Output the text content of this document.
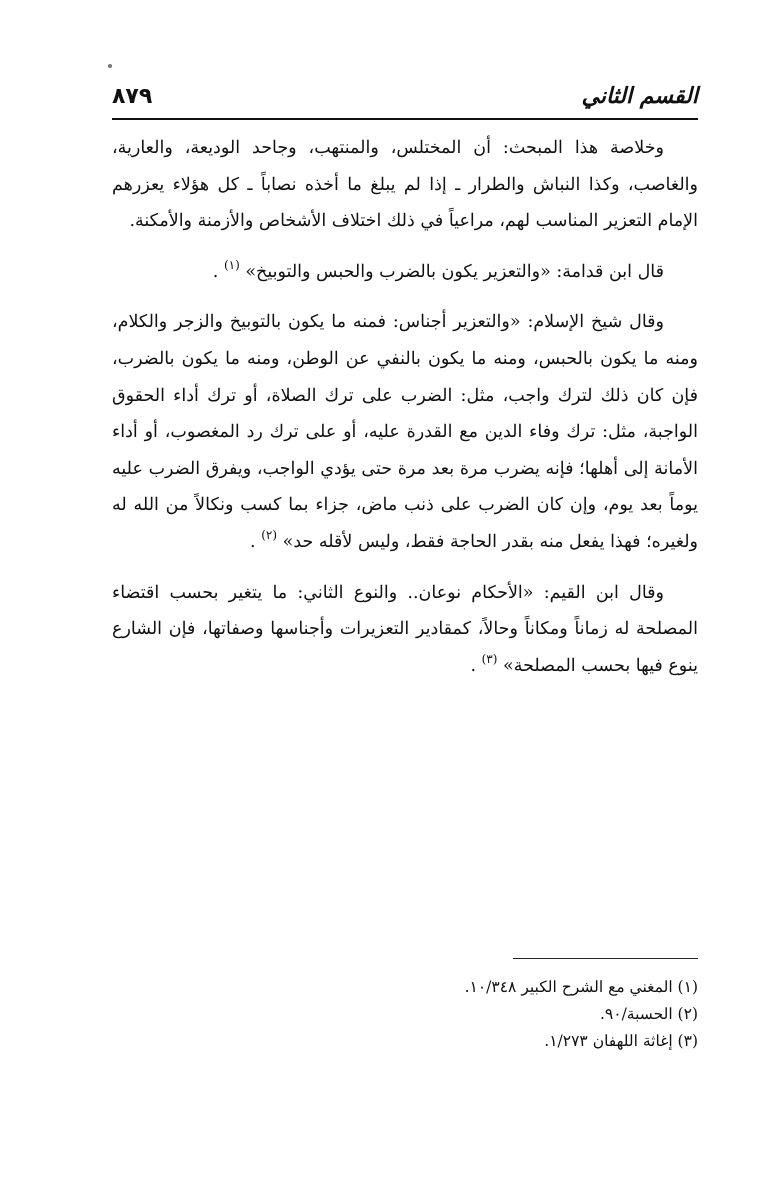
القسم الثاني
٨٧٩

وخلاصة هذا المبحث: أن المختلس، والمنتهب، وجاحد الوديعة، والعارية، والغاصب، وكذا النباش والطرار ـ إذا لم يبلغ ما أخذه نصاباً ـ كل هؤلاء يعزرهم الإمام التعزير المناسب لهم، مراعياً في ذلك اختلاف الأشخاص والأزمنة والأمكنة.

قال ابن قدامة: «والتعزير يكون بالضرب والحبس والتوبيخ» $^{(١)}$ .

وقال شيخ الإسلام: «والتعزير أجناس: فمنه ما يكون بالتوبيخ والزجر والكلام، ومنه ما يكون بالحبس، ومنه ما يكون بالنفي عن الوطن، ومنه ما يكون بالضرب، فإن كان ذلك لترك واجب، مثل: الضرب على ترك الصلاة، أو ترك أداء الحقوق الواجبة، مثل: ترك وفاء الدين مع القدرة عليه، أو على ترك رد المغصوب، أو أداء الأمانة إلى أهلها؛ فإنه يضرب مرة بعد مرة حتى يؤدي الواجب، ويفرق الضرب عليه يوماً بعد يوم، وإن كان الضرب على ذنب ماض، جزاء بما كسب ونكالاً من الله له ولغيره؛ فهذا يفعل منه بقدر الحاجة فقط، وليس لأقله حد» $^{(٢)}$ .

وقال ابن القيم: «الأحكام نوعان.. والنوع الثاني: ما يتغير بحسب اقتضاء المصلحة له زماناً ومكاناً وحالاً، كمقادير التعزيرات وأجناسها وصفاتها، فإن الشارع ينوع فيها بحسب المصلحة» $^{(٣)}$ .

(١) المغني مع الشرح الكبير ١٠/٣٤٨.
(٢) الحسبة/٩٠.
(٣) إغاثة اللهفان ١/٢٧٣.
